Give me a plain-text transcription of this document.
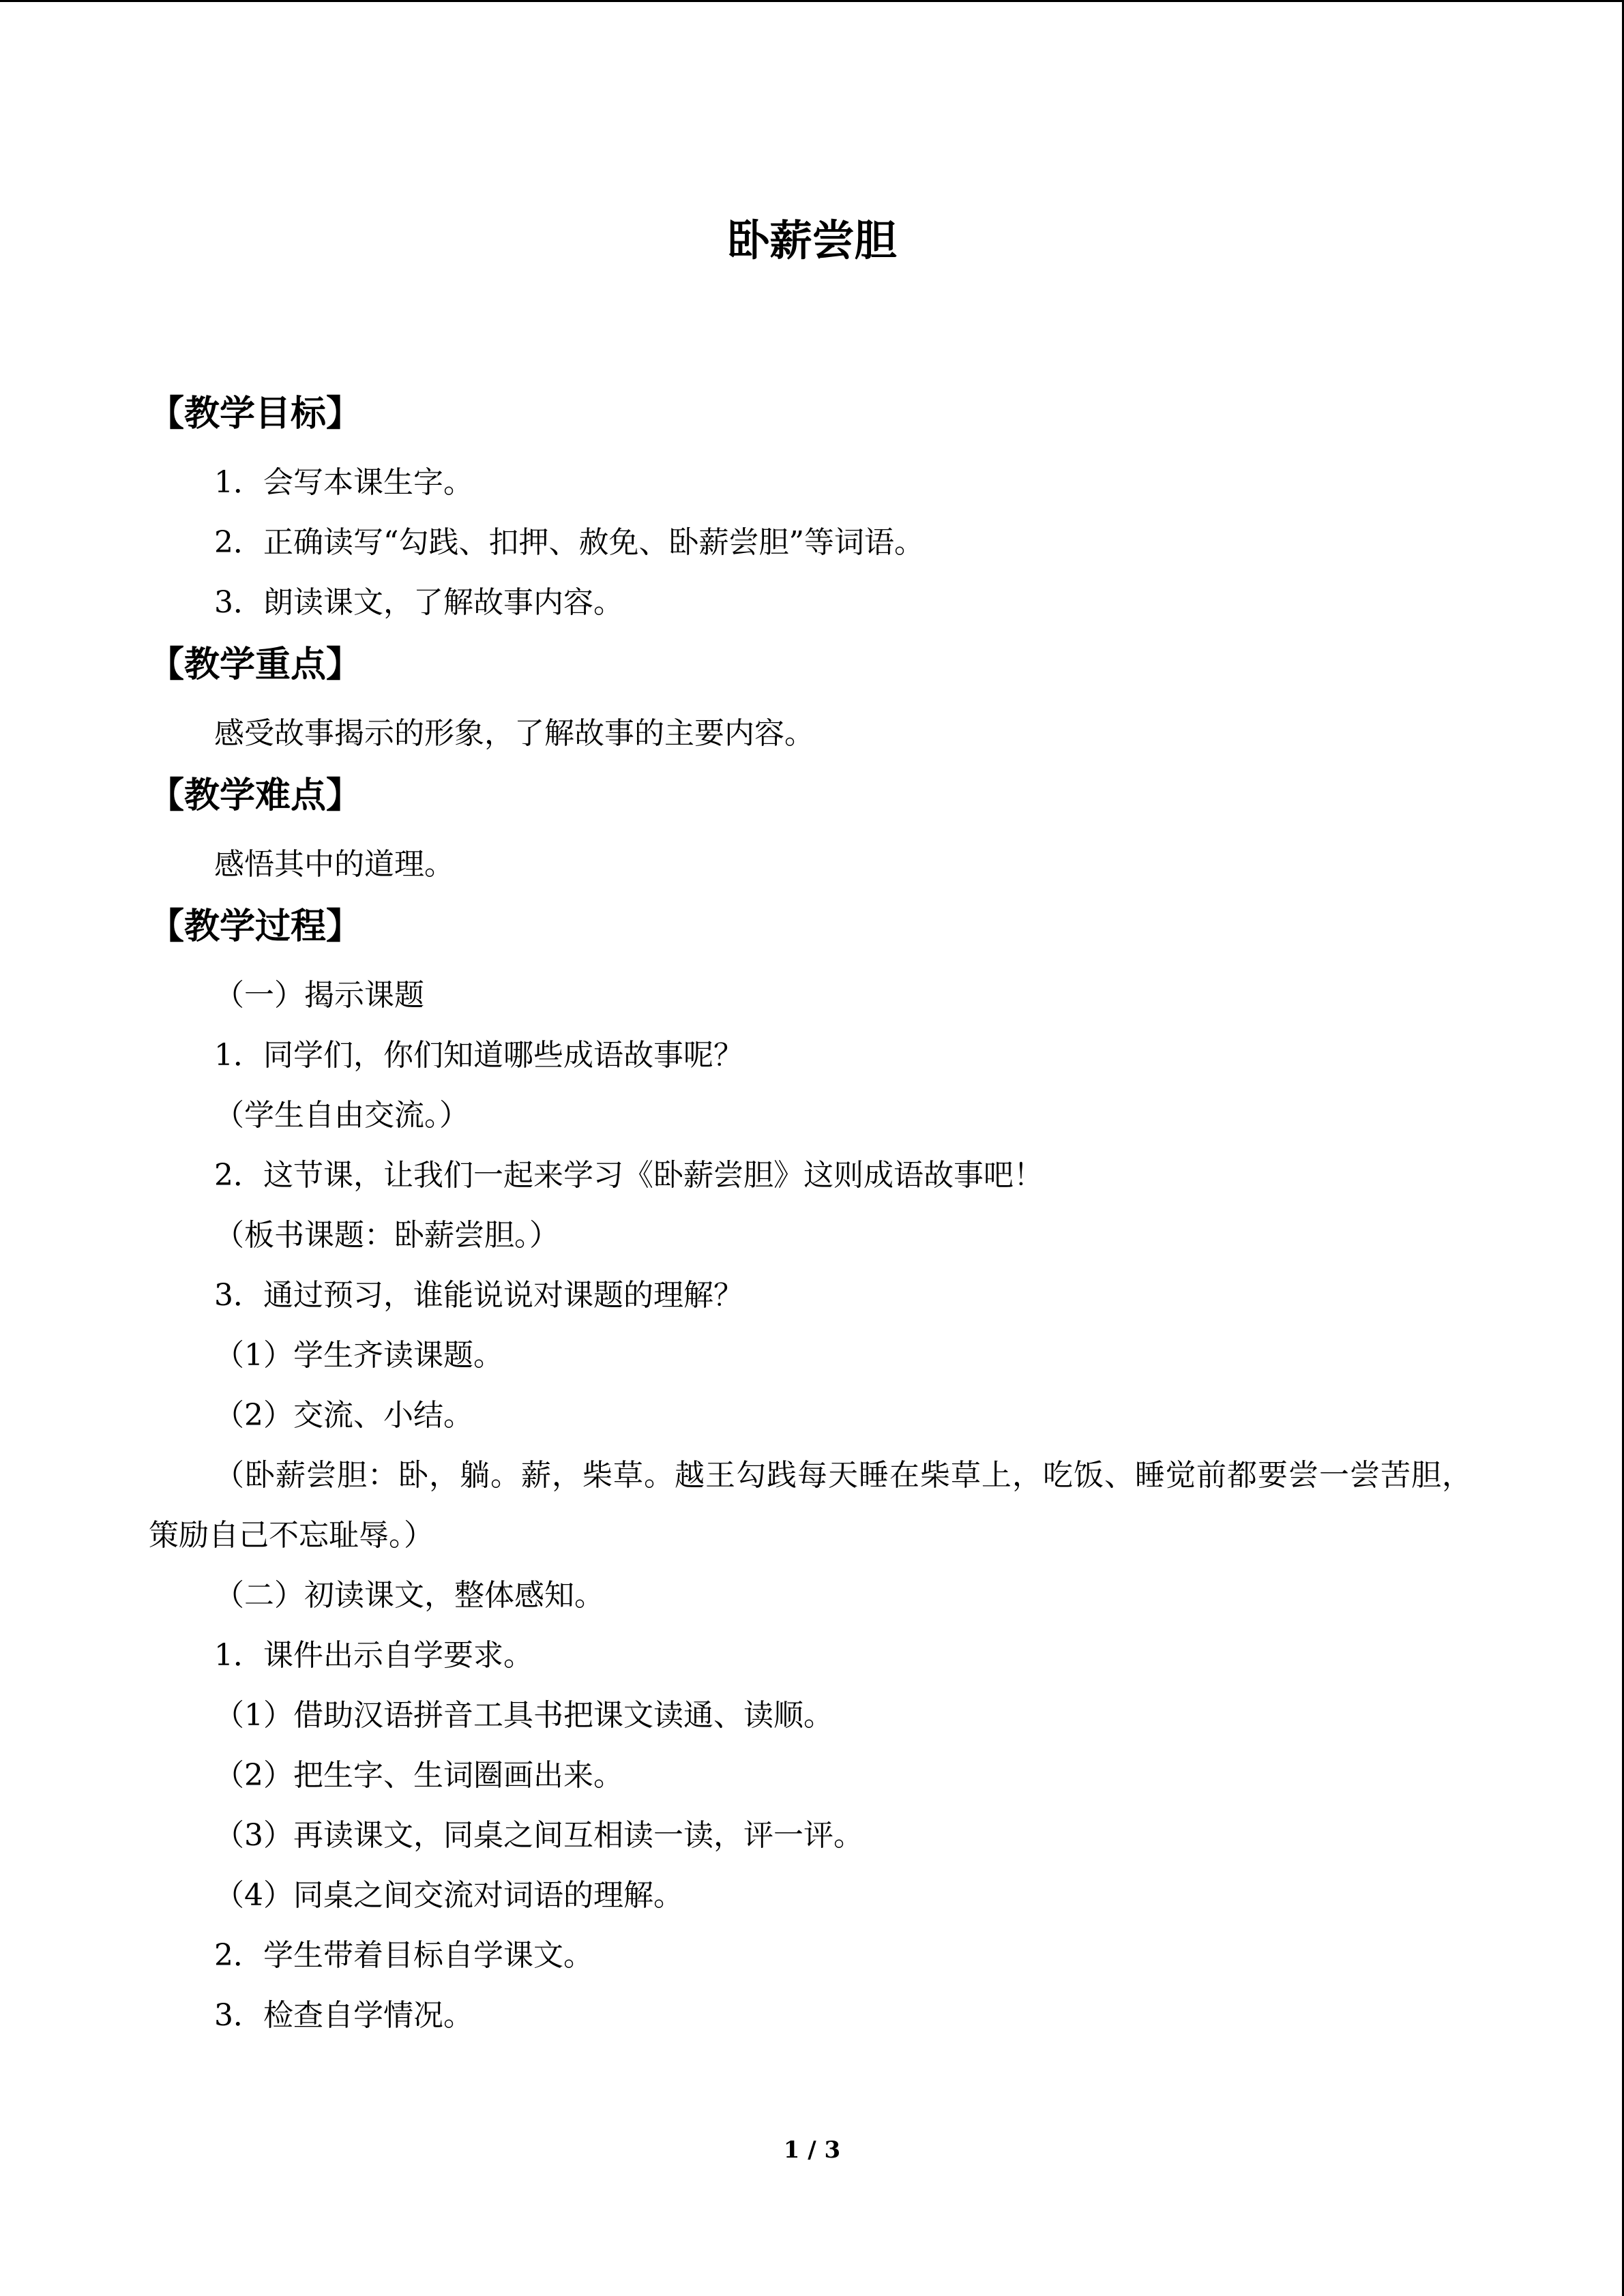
卧薪尝胆
【教学目标】

1．会写本课生字。

2．正确读写“勾践、扣押、赦免、卧薪尝胆”等词语。

3．朗读课文，了解故事内容。

【教学重点】

感受故事揭示的形象，了解故事的主要内容。

【教学难点】

感悟其中的道理。

【教学过程】

（一）揭示课题

1．同学们，你们知道哪些成语故事呢？

（学生自由交流。）

2．这节课，让我们一起来学习《卧薪尝胆》这则成语故事吧！

（板书课题：卧薪尝胆。）

3．通过预习，谁能说说对课题的理解？

（1）学生齐读课题。

（2）交流、小结。

（卧薪尝胆：卧，躺。薪，柴草。越王勾践每天睡在柴草上，吃饭、睡觉前都要尝一尝苦胆，策励自己不忘耻辱。）

（二）初读课文，整体感知。

1．课件出示自学要求。

（1）借助汉语拼音工具书把课文读通、读顺。

（2）把生字、生词圈画出来。

（3）再读课文，同桌之间互相读一读，评一评。

（4）同桌之间交流对词语的理解。

2．学生带着目标自学课文。

3．检查自学情况。

1 / 3
